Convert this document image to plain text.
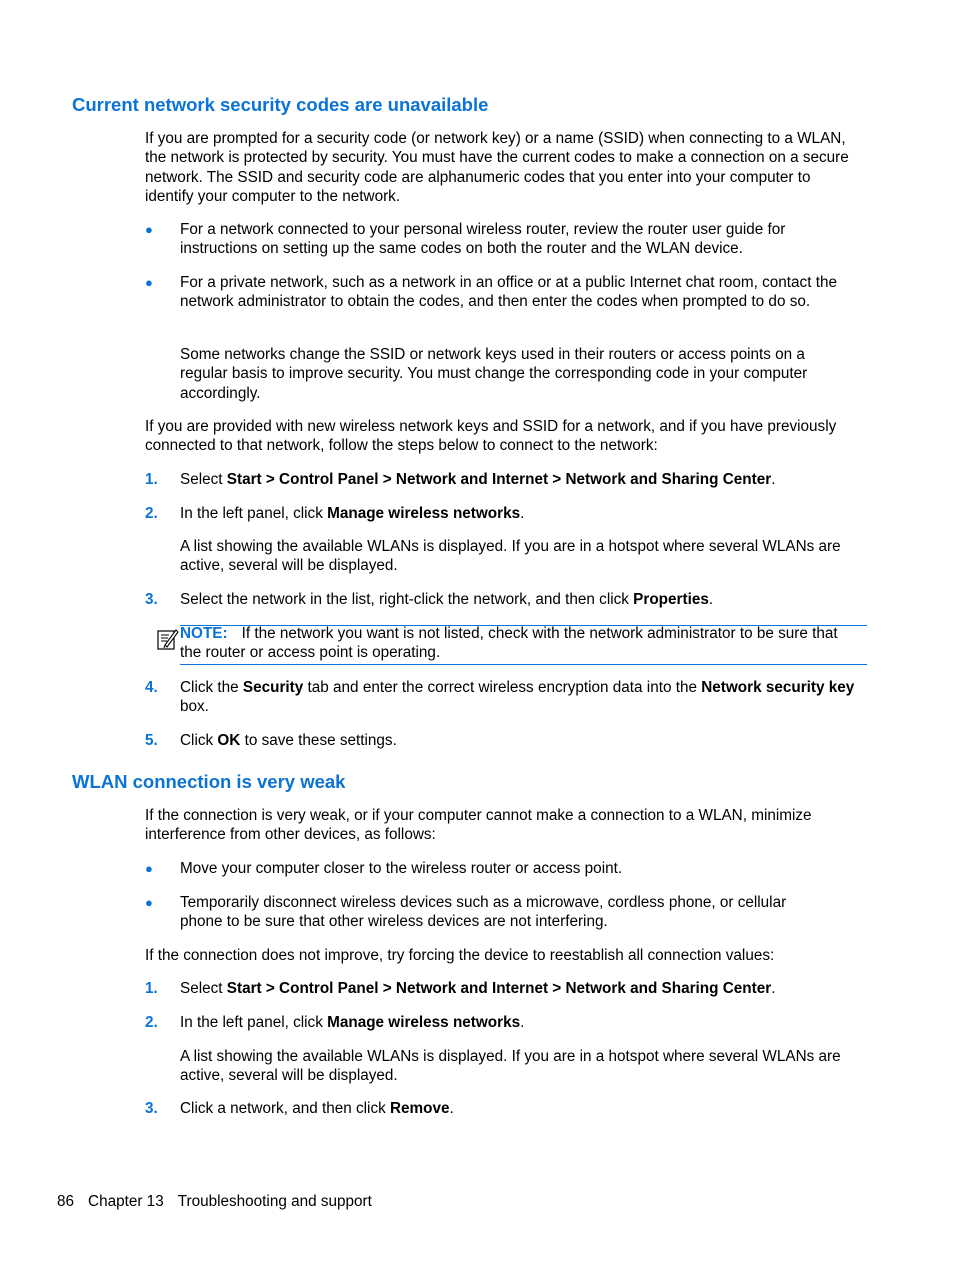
Current network security codes are unavailable

If you are prompted for a security code (or network key) or a name (SSID) when connecting to a WLAN, the network is protected by security. You must have the current codes to make a connection on a secure network. The SSID and security code are alphanumeric codes that you enter into your computer to identify your computer to the network.

● For a network connected to your personal wireless router, review the router user guide for instructions on setting up the same codes on both the router and the WLAN device.

● For a private network, such as a network in an office or at a public Internet chat room, contact the network administrator to obtain the codes, and then enter the codes when prompted to do so.

Some networks change the SSID or network keys used in their routers or access points on a regular basis to improve security. You must change the corresponding code in your computer accordingly.

If you are provided with new wireless network keys and SSID for a network, and if you have previously connected to that network, follow the steps below to connect to the network:

1. Select Start > Control Panel > Network and Internet > Network and Sharing Center.

2. In the left panel, click Manage wireless networks.

A list showing the available WLANs is displayed. If you are in a hotspot where several WLANs are active, several will be displayed.

3. Select the network in the list, right-click the network, and then click Properties.

NOTE: If the network you want is not listed, check with the network administrator to be sure that the router or access point is operating.

4. Click the Security tab and enter the correct wireless encryption data into the Network security key box.

5. Click OK to save these settings.

WLAN connection is very weak

If the connection is very weak, or if your computer cannot make a connection to a WLAN, minimize interference from other devices, as follows:

● Move your computer closer to the wireless router or access point.

● Temporarily disconnect wireless devices such as a microwave, cordless phone, or cellular phone to be sure that other wireless devices are not interfering.

If the connection does not improve, try forcing the device to reestablish all connection values:

1. Select Start > Control Panel > Network and Internet > Network and Sharing Center.

2. In the left panel, click Manage wireless networks.

A list showing the available WLANs is displayed. If you are in a hotspot where several WLANs are active, several will be displayed.

3. Click a network, and then click Remove.

86 Chapter 13 Troubleshooting and support
